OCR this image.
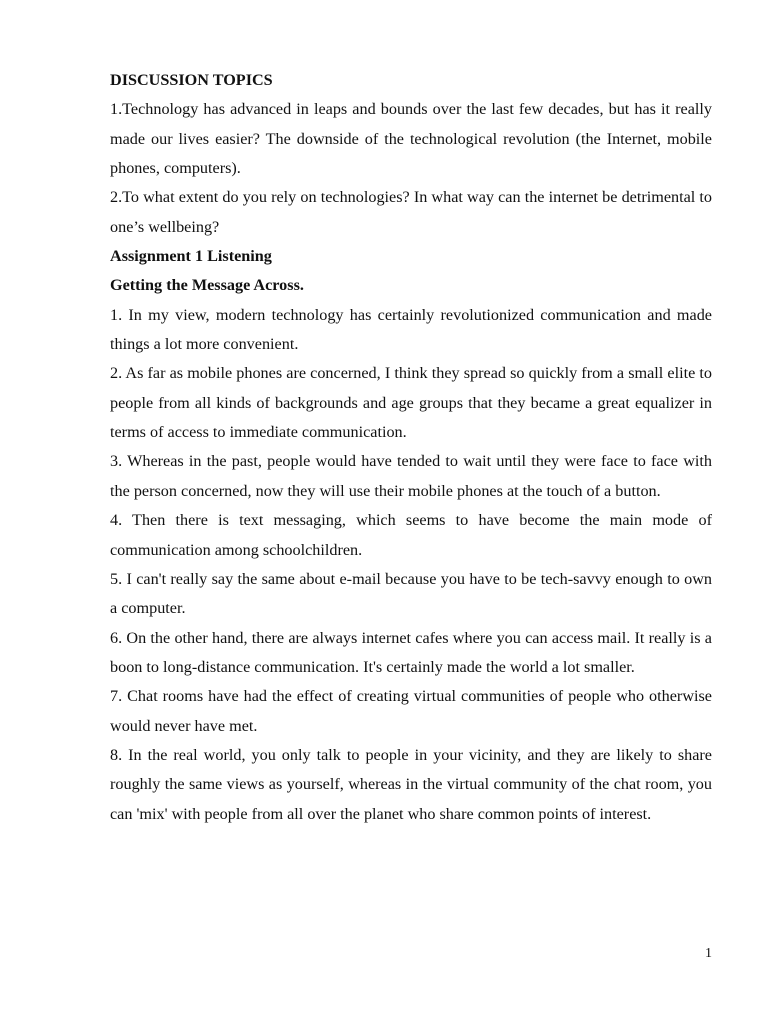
DISCUSSION TOPICS

1.Technology has advanced in leaps and bounds over the last few decades, but has it really made our lives easier? The downside of the technological revolution (the Internet, mobile phones, computers).

2.To what extent do you rely on technologies? In what way can the internet be detrimental to one’s wellbeing?

Assignment 1 Listening

Getting the Message Across.

1. In my view, modern technology has certainly revolutionized communication and made things a lot more convenient.

2. As far as mobile phones are concerned, I think they spread so quickly from a small elite to people from all kinds of backgrounds and age groups that they became a great equalizer in terms of access to immediate communication.

3. Whereas in the past, people would have tended to wait until they were face to face with the person concerned, now they will use their mobile phones at the touch of a button.

4. Then there is text messaging, which seems to have become the main mode of communication among schoolchildren.

5. I can't really say the same about e-mail because you have to be tech-savvy enough to own a computer.

6. On the other hand, there are always internet cafes where you can access mail. It really is a boon to long-distance communication. It's certainly made the world a lot smaller.

7. Chat rooms have had the effect of creating virtual communities of people who otherwise would never have met.

8. In the real world, you only talk to people in your vicinity, and they are likely to share roughly the same views as yourself, whereas in the virtual community of the chat room, you can 'mix' with people from all over the planet who share common points of interest.

1
